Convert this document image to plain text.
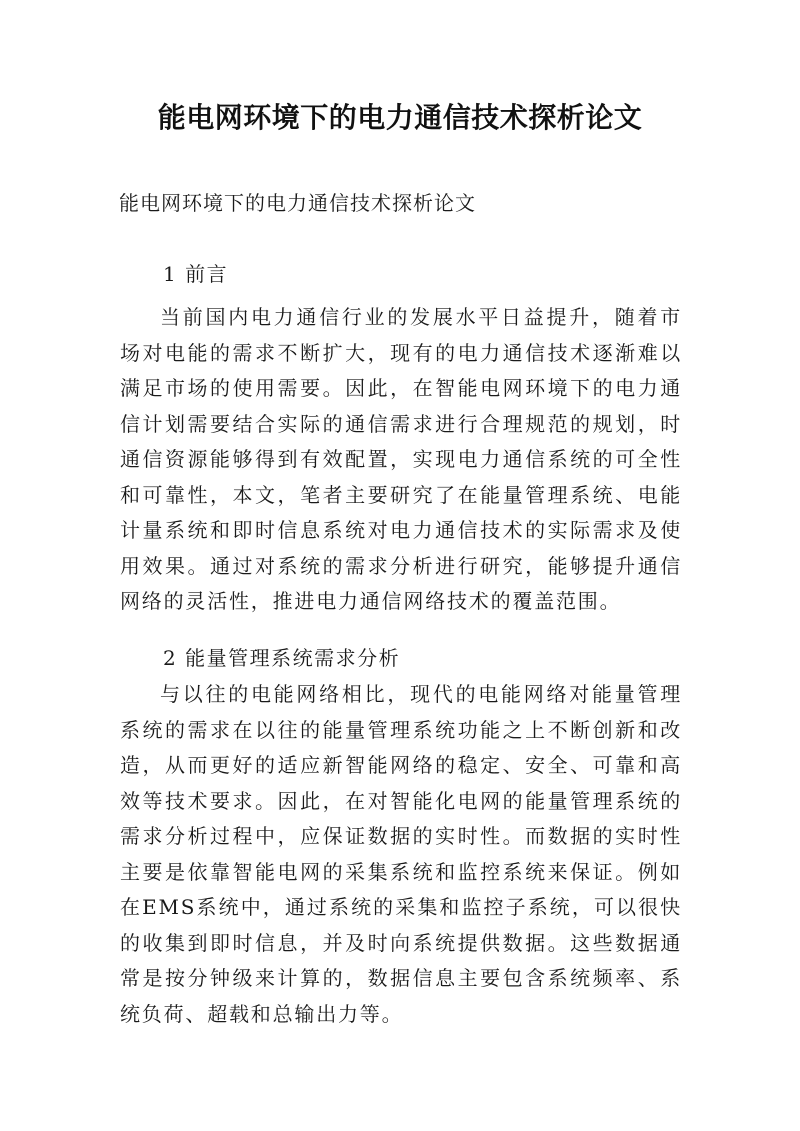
能电网环境下的电力通信技术探析论文

能电网环境下的电力通信技术探析论文

1 前言

当前国内电力通信行业的发展水平日益提升，随着市场对电能的需求不断扩大，现有的电力通信技术逐渐难以满足市场的使用需要。因此，在智能电网环境下的电力通信计划需要结合实际的通信需求进行合理规范的规划，时通信资源能够得到有效配置，实现电力通信系统的可全性和可靠性，本文，笔者主要研究了在能量管理系统、电能计量系统和即时信息系统对电力通信技术的实际需求及使用效果。通过对系统的需求分析进行研究，能够提升通信网络的灵活性，推进电力通信网络技术的覆盖范围。

2 能量管理系统需求分析

与以往的电能网络相比，现代的电能网络对能量管理系统的需求在以往的能量管理系统功能之上不断创新和改造，从而更好的适应新智能网络的稳定、安全、可靠和高效等技术要求。因此，在对智能化电网的能量管理系统的需求分析过程中，应保证数据的实时性。而数据的实时性主要是依靠智能电网的采集系统和监控系统来保证。例如在EMS系统中，通过系统的采集和监控子系统，可以很快的收集到即时信息，并及时向系统提供数据。这些数据通常是按分钟级来计算的，数据信息主要包含系统频率、系统负荷、超载和总输出力等。
